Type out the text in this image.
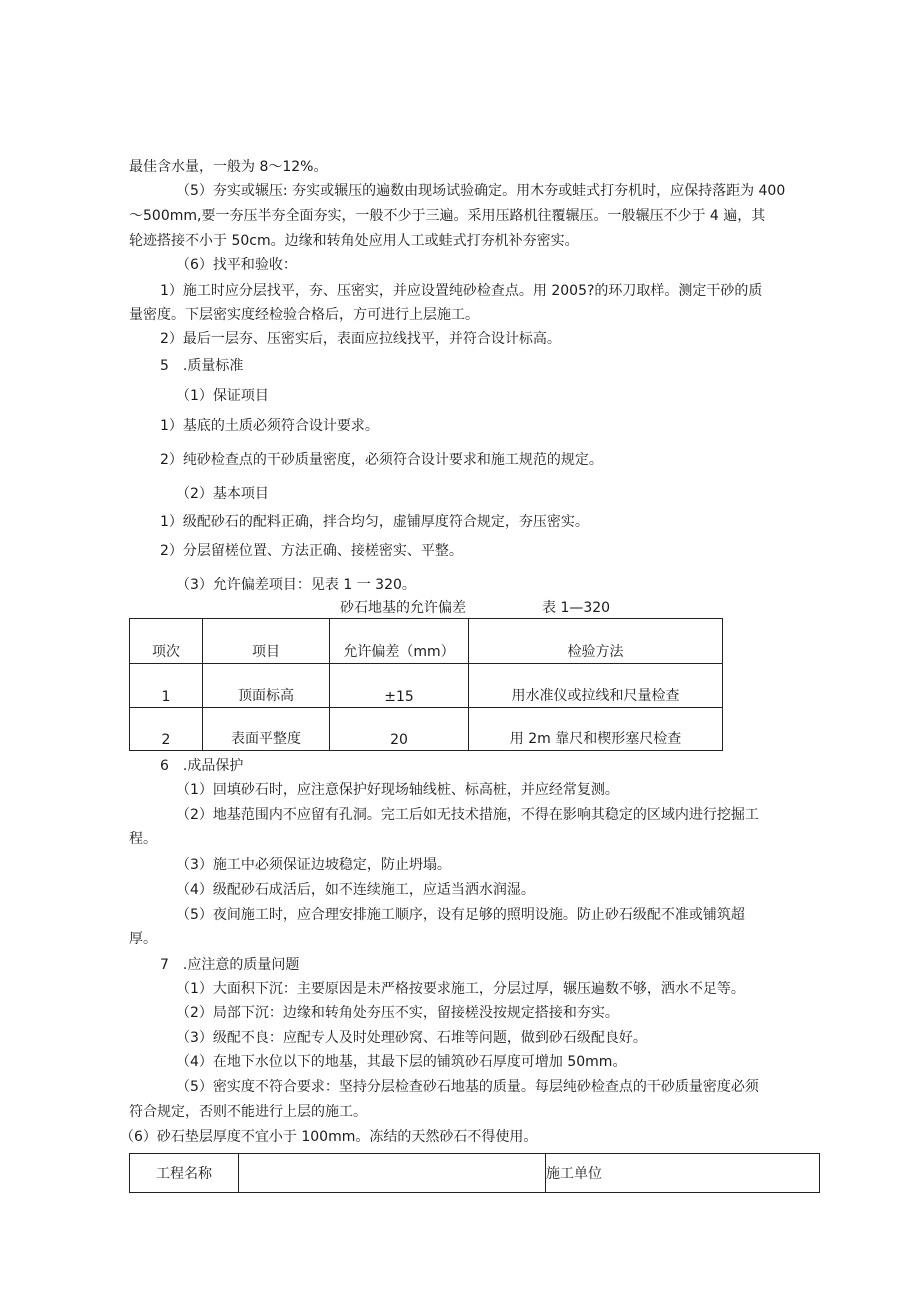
最佳含水量，一般为 8～12%。
（5）夯实或辗压: 夯实或辗压的遍数由现场试验确定。用木夯或蛙式打夯机时，应保持落距为 400
～500mm,要一夯压半夯全面夯实，一般不少于三遍。采用压路机往覆辗压。一般辗压不少于 4 遍，其
轮迹搭接不小于 50cm。边缘和转角处应用人工或蛙式打夯机补夯密实。
（6）找平和验收：
1）施工时应分层找平，夯、压密实，并应设置纯砂检查点。用 2005?的环刀取样。测定干砂的质
量密度。下层密实度经检验合格后，方可进行上层施工。
2）最后一层夯、压密实后，表面应拉线找平，并符合设计标高。
5　.质量标准
（1）保证项目
1）基底的土质必须符合设计要求。
2）纯砂检查点的干砂质量密度，必须符合设计要求和施工规范的规定。
（2）基本项目
1）级配砂石的配料正确，拌合均匀，虚铺厚度符合规定，夯压密实。
2）分层留槎位置、方法正确、接槎密实、平整。
（3）允许偏差项目：见表 1 一 320。
砂石地基的允许偏差	表 1—320
项次	项目	允许偏差（mm）	检验方法
1	顶面标高	±15	用水准仪或拉线和尺量检查
2	表面平整度	20	用 2m 靠尺和楔形塞尺检查
6　.成品保护
（1）回填砂石时，应注意保护好现场轴线桩、标高桩，并应经常复测。
（2）地基范围内不应留有孔洞。完工后如无技术措施，不得在影响其稳定的区域内进行挖掘工
程。
（3）施工中必须保证边坡稳定，防止坍塌。
（4）级配砂石成活后，如不连续施工，应适当洒水润湿。
（5）夜间施工时，应合理安排施工顺序，设有足够的照明设施。防止砂石级配不准或铺筑超
厚。
7　.应注意的质量问题
（1）大面积下沉：主要原因是未严格按要求施工，分层过厚，辗压遍数不够，洒水不足等。
（2）局部下沉：边缘和转角处夯压不实，留接槎没按规定搭接和夯实。
（3）级配不良：应配专人及时处理砂窝、石堆等问题，做到砂石级配良好。
（4）在地下水位以下的地基，其最下层的铺筑砂石厚度可增加 50mm。
（5）密实度不符合要求：坚持分层检查砂石地基的质量。每层纯砂检查点的干砂质量密度必须
符合规定，否则不能进行上层的施工。
（6）砂石垫层厚度不宜小于 100mm。冻结的天然砂石不得使用。
工程名称		施工单位
